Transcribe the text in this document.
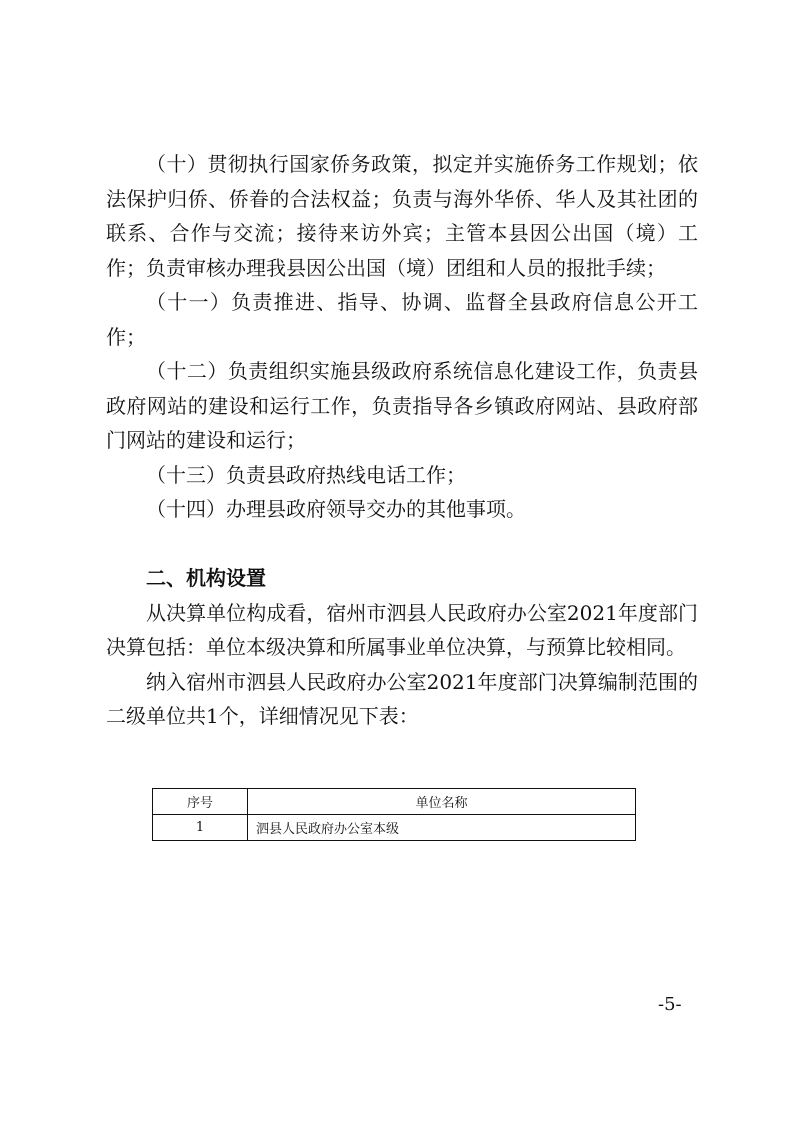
（十）贯彻执行国家侨务政策，拟定并实施侨务工作规划；依法保护归侨、侨眷的合法权益；负责与海外华侨、华人及其社团的联系、合作与交流；接待来访外宾；主管本县因公出国（境）工作；负责审核办理我县因公出国（境）团组和人员的报批手续；

（十一）负责推进、指导、协调、监督全县政府信息公开工作；

（十二）负责组织实施县级政府系统信息化建设工作，负责县政府网站的建设和运行工作，负责指导各乡镇政府网站、县政府部门网站的建设和运行；

（十三）负责县政府热线电话工作；

（十四）办理县政府领导交办的其他事项。

二、机构设置

从决算单位构成看，宿州市泗县人民政府办公室2021年度部门决算包括：单位本级决算和所属事业单位决算，与预算比较相同。

纳入宿州市泗县人民政府办公室2021年度部门决算编制范围的二级单位共1个，详细情况见下表：

序号	单位名称
1	泗县人民政府办公室本级
-5-
